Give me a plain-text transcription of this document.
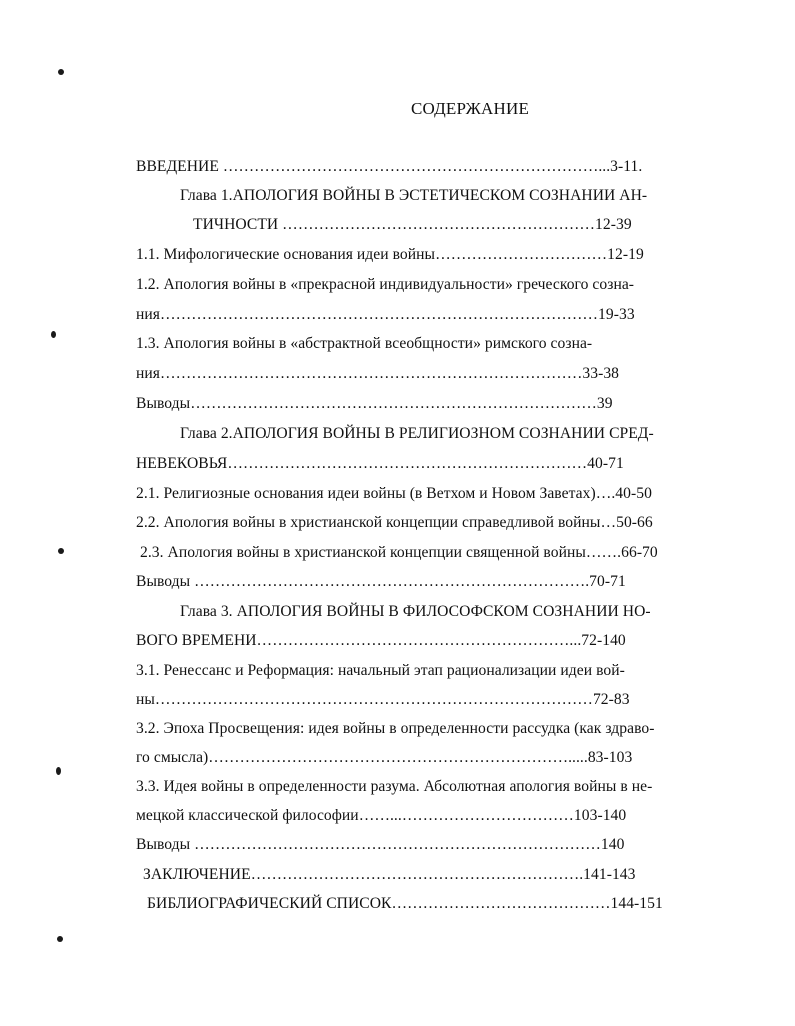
СОДЕРЖАНИЕ
ВВЕДЕНИЕ ………………………………………………………………...3-11.
Глава 1.АПОЛОГИЯ ВОЙНЫ В ЭСТЕТИЧЕСКОМ СОЗНАНИИ АН-
ТИЧНОСТИ ……………………………………………………12-39
1.1. Мифологические основания идеи войны……………………………12-19
1.2. Апология войны в «прекрасной индивидуальности» греческого созна-
ния…………………………………………………………………………19-33
1.3. Апология войны в «абстрактной всеобщности» римского созна-
ния………………………………………………………………………33-38
Выводы……………………………………………………………………39
Глава 2.АПОЛОГИЯ ВОЙНЫ В РЕЛИГИОЗНОМ СОЗНАНИИ СРЕД-
НЕВЕКОВЬЯ……………………………………………………………40-71
2.1. Религиозные основания идеи войны (в Ветхом и Новом Заветах)….40-50
2.2. Апология войны в христианской концепции справедливой войны…50-66
2.3. Апология войны в христианской концепции священной войны…….66-70
Выводы ………………………………………………………………….70-71
Глава 3. АПОЛОГИЯ ВОЙНЫ В ФИЛОСОФСКОМ СОЗНАНИИ НО-
ВОГО ВРЕМЕНИ……………………………………………………...72-140
3.1. Ренессанс и Реформация: начальный этап рационализации идеи вой-
ны…………………………………………………………………………72-83
3.2. Эпоха Просвещения: идея войны в определенности рассудка (как здраво-
го смысла)…………………………………………………………….....83-103
3.3. Идея войны в определенности разума. Абсолютная апология войны в не-
мецкой классической философии……...……………………………103-140
Выводы ……………………………………………………………………140
ЗАКЛЮЧЕНИЕ……………………………………………………….141-143
БИБЛИОГРАФИЧЕСКИЙ СПИСОК……………………………………144-151
